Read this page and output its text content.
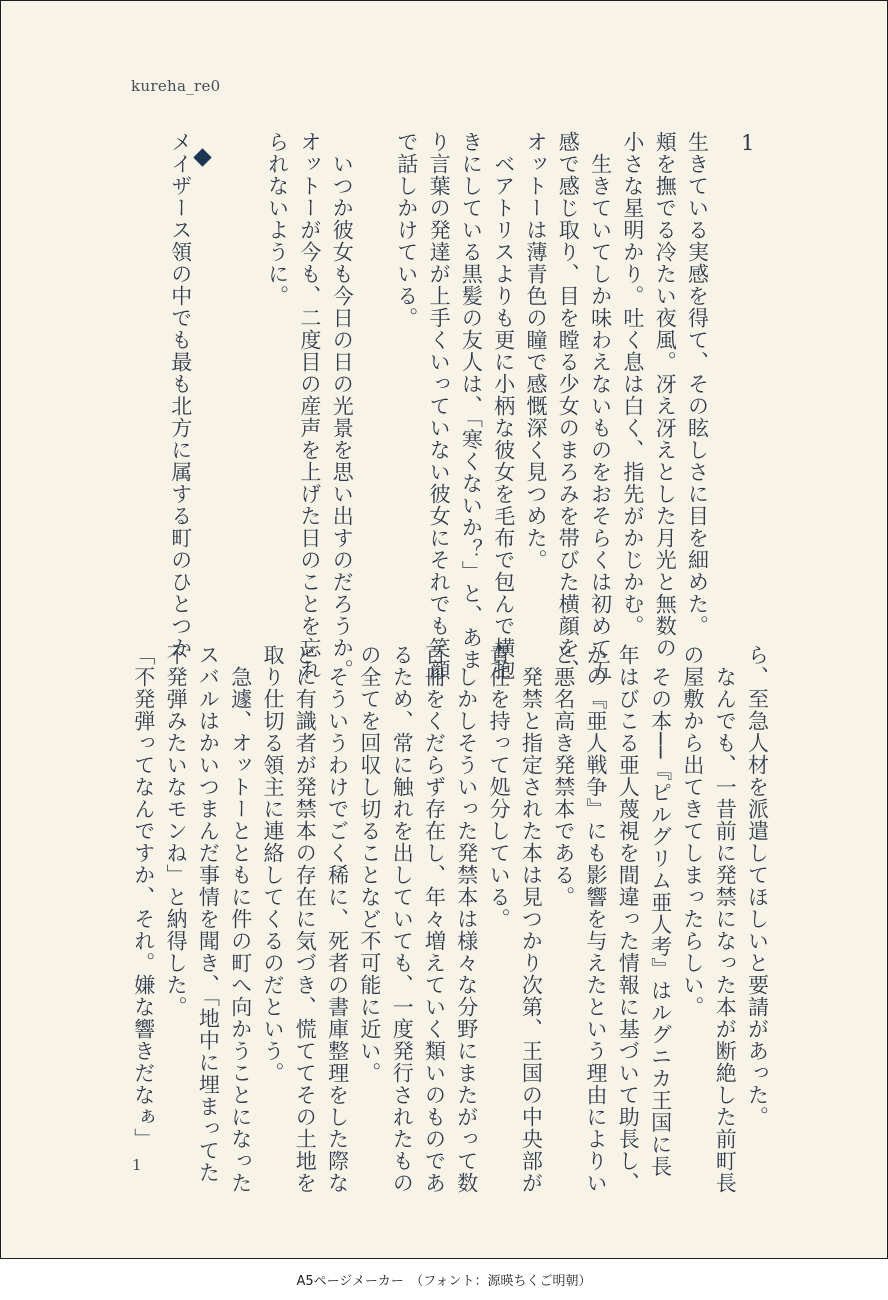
kureha_re0
1
生きている実感を得て、その眩しさに目を細めた。
頬を撫でる冷たい夜風。冴え冴えとした月光と無数の
小さな星明かり。吐く息は白く、指先がかじかむ。
　生きていてしか味わえないものをおそらくは初めて五
感で感じ取り、目を瞠る少女のまろみを帯びた横顔を、
オットーは薄青色の瞳で感慨深く見つめた。
　ベアトリスよりも更に小柄な彼女を毛布で包んで横抱
きにしている黒髪の友人は、「寒くないか？」と、あま
り言葉の発達が上手くいっていない彼女にそれでも笑顔
で話しかけている。
　いつか彼女も今日の日の光景を思い出すのだろうか。
オットーが今も、二度目の産声を上げた日のことを忘れ
られないように。
メイザース領の中でも最も北方に属する町のひとつか
ら、至急人材を派遣してほしいと要請があった。
　なんでも、一昔前に発禁になった本が断絶した前町長
の屋敷から出てきてしまったらしい。
　その本──『ピルグリム亜人考』はルグニカ王国に長
年はびこる亜人蔑視を間違った情報に基づいて助長し、
かの『亜人戦争』にも影響を与えたという理由によりい
と悪名高き発禁本である。
　発禁と指定された本は見つかり次第、王国の中央部が
責任を持って処分している。
　しかしそういった発禁本は様々な分野にまたがって数
百冊をくだらず存在し、年々増えていく類いのものであ
るため、常に触れを出していても、一度発行されたもの
の全てを回収し切ることなど不可能に近い。
　そういうわけでごく稀に、死者の書庫整理をした際な
どに有識者が発禁本の存在に気づき、慌ててその土地を
取り仕切る領主に連絡してくるのだという。
　急遽、オットーとともに件の町へ向かうことになった
スバルはかいつまんだ事情を聞き、「地中に埋まってた
不発弾みたいなモンね」と納得した。
「不発弾ってなんですか、それ。嫌な響きだなぁ」
1
A5ページメーカー　（フォント：源暎ちくご明朝）
